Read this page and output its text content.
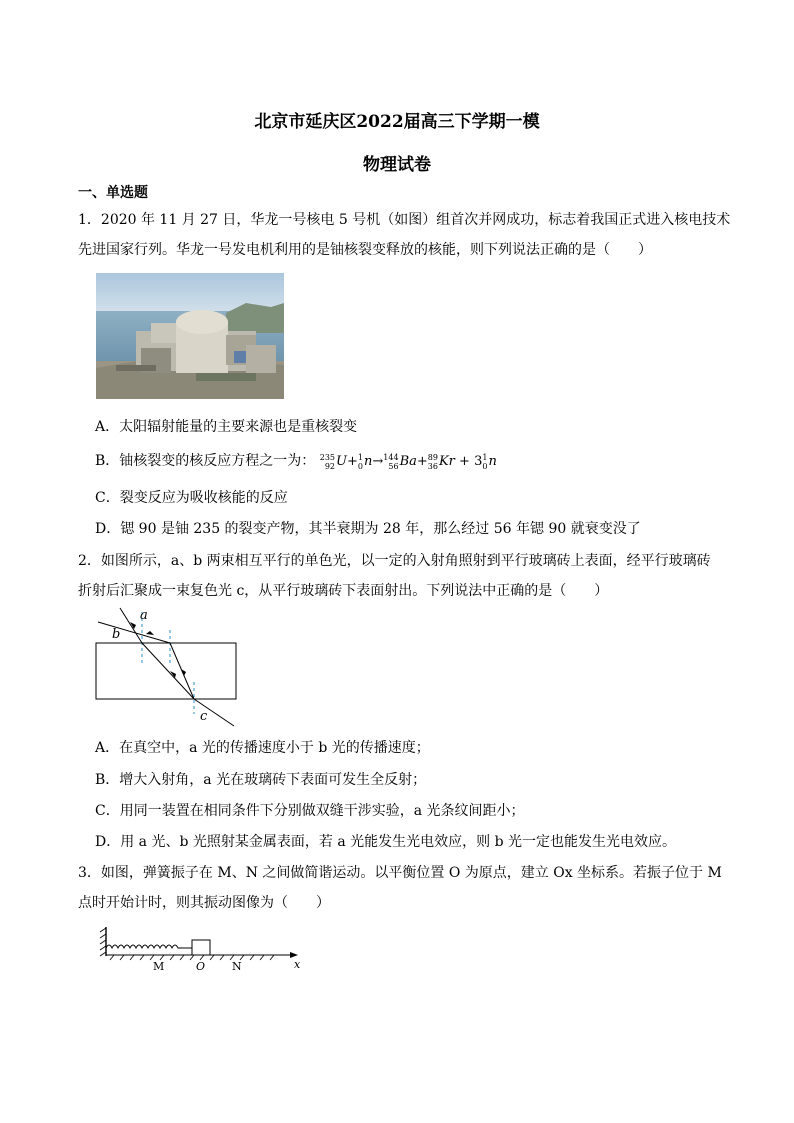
北京市延庆区2022届高三下学期一模
物理试卷
一、单选题
1．2020 年 11 月 27 日，华龙一号核电 5 号机（如图）组首次并网成功，标志着我国正式进入核电技术
先进国家行列。华龙一号发电机利用的是铀核裂变释放的核能，则下列说法正确的是（　　）
A．太阳辐射能量的主要来源也是重核裂变
B．铀核裂变的核反应方程之一为： 235
92 U+ 1
0 n→ 144
56 Ba+ 89
36 Kr + 3 1
0 n
C．裂变反应为吸收核能的反应
D．锶 90 是铀 235 的裂变产物，其半衰期为 28 年，那么经过 56 年锶 90 就衰变没了
2．如图所示，a、b 两束相互平行的单色光，以一定的入射角照射到平行玻璃砖上表面，经平行玻璃砖
折射后汇聚成一束复色光 c，从平行玻璃砖下表面射出。下列说法中正确的是（　　）
a
b
c
A．在真空中，a 光的传播速度小于 b 光的传播速度；
B．增大入射角，a 光在玻璃砖下表面可发生全反射；
C．用同一装置在相同条件下分别做双缝干涉实验，a 光条纹间距小；
D．用 a 光、b 光照射某金属表面，若 a 光能发生光电效应，则 b 光一定也能发生光电效应。
3．如图，弹簧振子在 M、N 之间做简谐运动。以平衡位置 O 为原点，建立 Ox 坐标系。若振子位于 M
点时开始计时，则其振动图像为（　　）
M	O N	x
